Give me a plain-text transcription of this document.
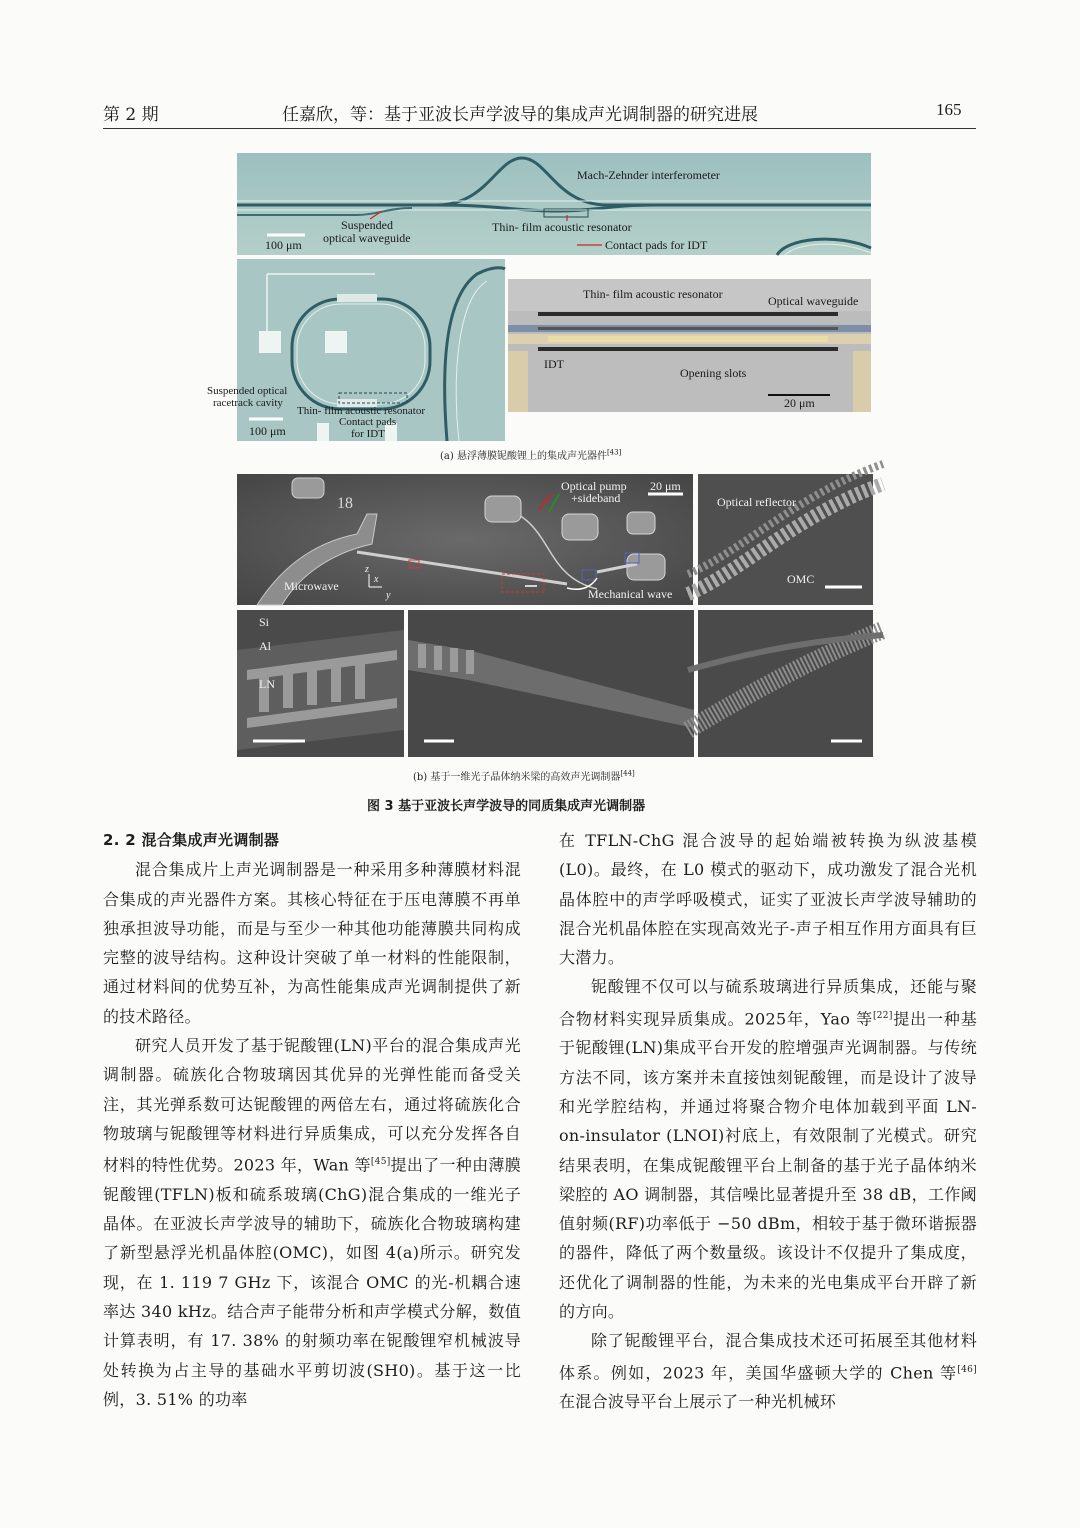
第 2 期	任嘉欣，等：基于亚波长声学波导的集成声光调制器的研究进展	165
Mach-Zehnder interferometer
Suspended
optical waveguide
Thin- film acoustic resonator
Contact pads for IDT
100 μm
Suspended optical
racetrack cavity
Thin- film acoustic resonator
Contact pads
for IDT
100 μm
Thin- film acoustic resonator	Optical waveguide
IDT
Opening slots
20 μm
(a) 悬浮薄膜铌酸锂上的集成声光器件[43]
18
Optical pump
+sideband
20 μm
Microwave
Mechanical wave
z
x
y
Optical reflector
OMC
Si
Al
LN
(b) 基于一维光子晶体纳米梁的高效声光调制器[44]
图 3 基于亚波长声学波导的同质集成声光调制器

2. 2 混合集成声光调制器

混合集成片上声光调制器是一种采用多种薄膜材料混合集成的声光器件方案。其核心特征在于压电薄膜不再单独承担波导功能，而是与至少一种其他功能薄膜共同构成完整的波导结构。这种设计突破了单一材料的性能限制，通过材料间的优势互补，为高性能集成声光调制提供了新的技术路径。

研究人员开发了基于铌酸锂(LN)平台的混合集成声光调制器。硫族化合物玻璃因其优异的光弹性能而备受关注，其光弹系数可达铌酸锂的两倍左右，通过将硫族化合物玻璃与铌酸锂等材料进行异质集成，可以充分发挥各自材料的特性优势。2023 年，Wan 等[45]提出了一种由薄膜铌酸锂(TFLN)板和硫系玻璃(ChG)混合集成的一维光子晶体。在亚波长声学波导的辅助下，硫族化合物玻璃构建了新型悬浮光机晶体腔(OMC)，如图 4(a)所示。研究发现，在 1. 119 7 GHz 下，该混合 OMC 的光-机耦合速率达 340 kHz。结合声子能带分析和声学模式分解，数值计算表明，有 17. 38% 的射频功率在铌酸锂窄机械波导处转换为占主导的基础水平剪切波(SH0)。基于这一比例，3. 51% 的功率

在 TFLN-ChG 混合波导的起始端被转换为纵波基模(L0)。最终，在 L0 模式的驱动下，成功激发了混合光机晶体腔中的声学呼吸模式，证实了亚波长声学波导辅助的混合光机晶体腔在实现高效光子-声子相互作用方面具有巨大潜力。

铌酸锂不仅可以与硫系玻璃进行异质集成，还能与聚合物材料实现异质集成。2025年，Yao 等[22]提出一种基于铌酸锂(LN)集成平台开发的腔增强声光调制器。与传统方法不同，该方案并未直接蚀刻铌酸锂，而是设计了波导和光学腔结构，并通过将聚合物介电体加载到平面 LN-on-insulator (LNOI)衬底上，有效限制了光模式。研究结果表明，在集成铌酸锂平台上制备的基于光子晶体纳米梁腔的 AO 调制器，其信噪比显著提升至 38 dB，工作阈值射频(RF)功率低于 −50 dBm，相较于基于微环谐振器的器件，降低了两个数量级。该设计不仅提升了集成度，还优化了调制器的性能，为未来的光电集成平台开辟了新的方向。

除了铌酸锂平台，混合集成技术还可拓展至其他材料体系。例如，2023 年，美国华盛顿大学的 Chen 等[46] 在混合波导平台上展示了一种光机械环
